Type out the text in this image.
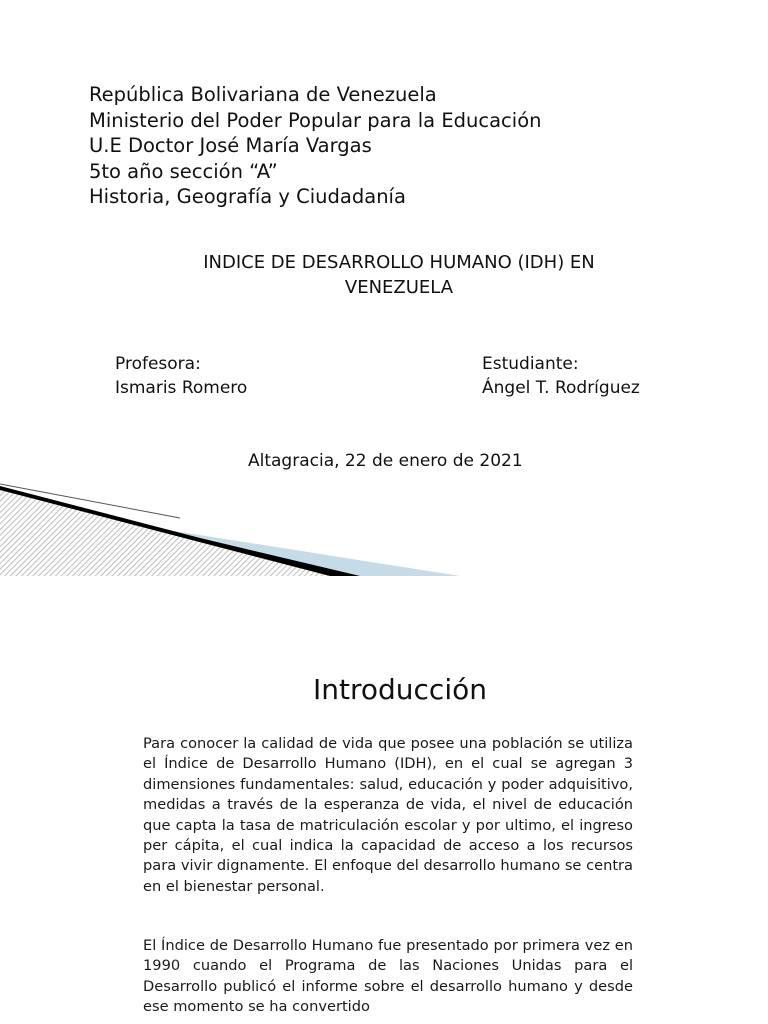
República Bolivariana de Venezuela
Ministerio del Poder Popular para la Educación
U.E Doctor José María Vargas
5to año sección “A”
Historia, Geografía y Ciudadanía
INDICE DE DESARROLLO HUMANO (IDH) EN
VENEZUELA
Profesora:
Ismaris Romero
Estudiante:
Ángel T. Rodríguez
Altagracia, 22 de enero de 2021
Introducción
Para conocer la calidad de vida que posee una población se utiliza el Índice de Desarrollo Humano (IDH), en el cual se agregan 3 dimensiones fundamentales: salud, educación y poder adquisitivo, medidas a través de la esperanza de vida, el nivel de educación que capta la tasa de matriculación escolar y por ultimo, el ingreso per cápita, el cual indica la capacidad de acceso a los recursos para vivir dignamente. El enfoque del desarrollo humano se centra en el bienestar personal.
El Índice de Desarrollo Humano fue presentado por primera vez en 1990 cuando el Programa de las Naciones Unidas para el Desarrollo publicó el informe sobre el desarrollo humano y desde ese momento se ha convertido
